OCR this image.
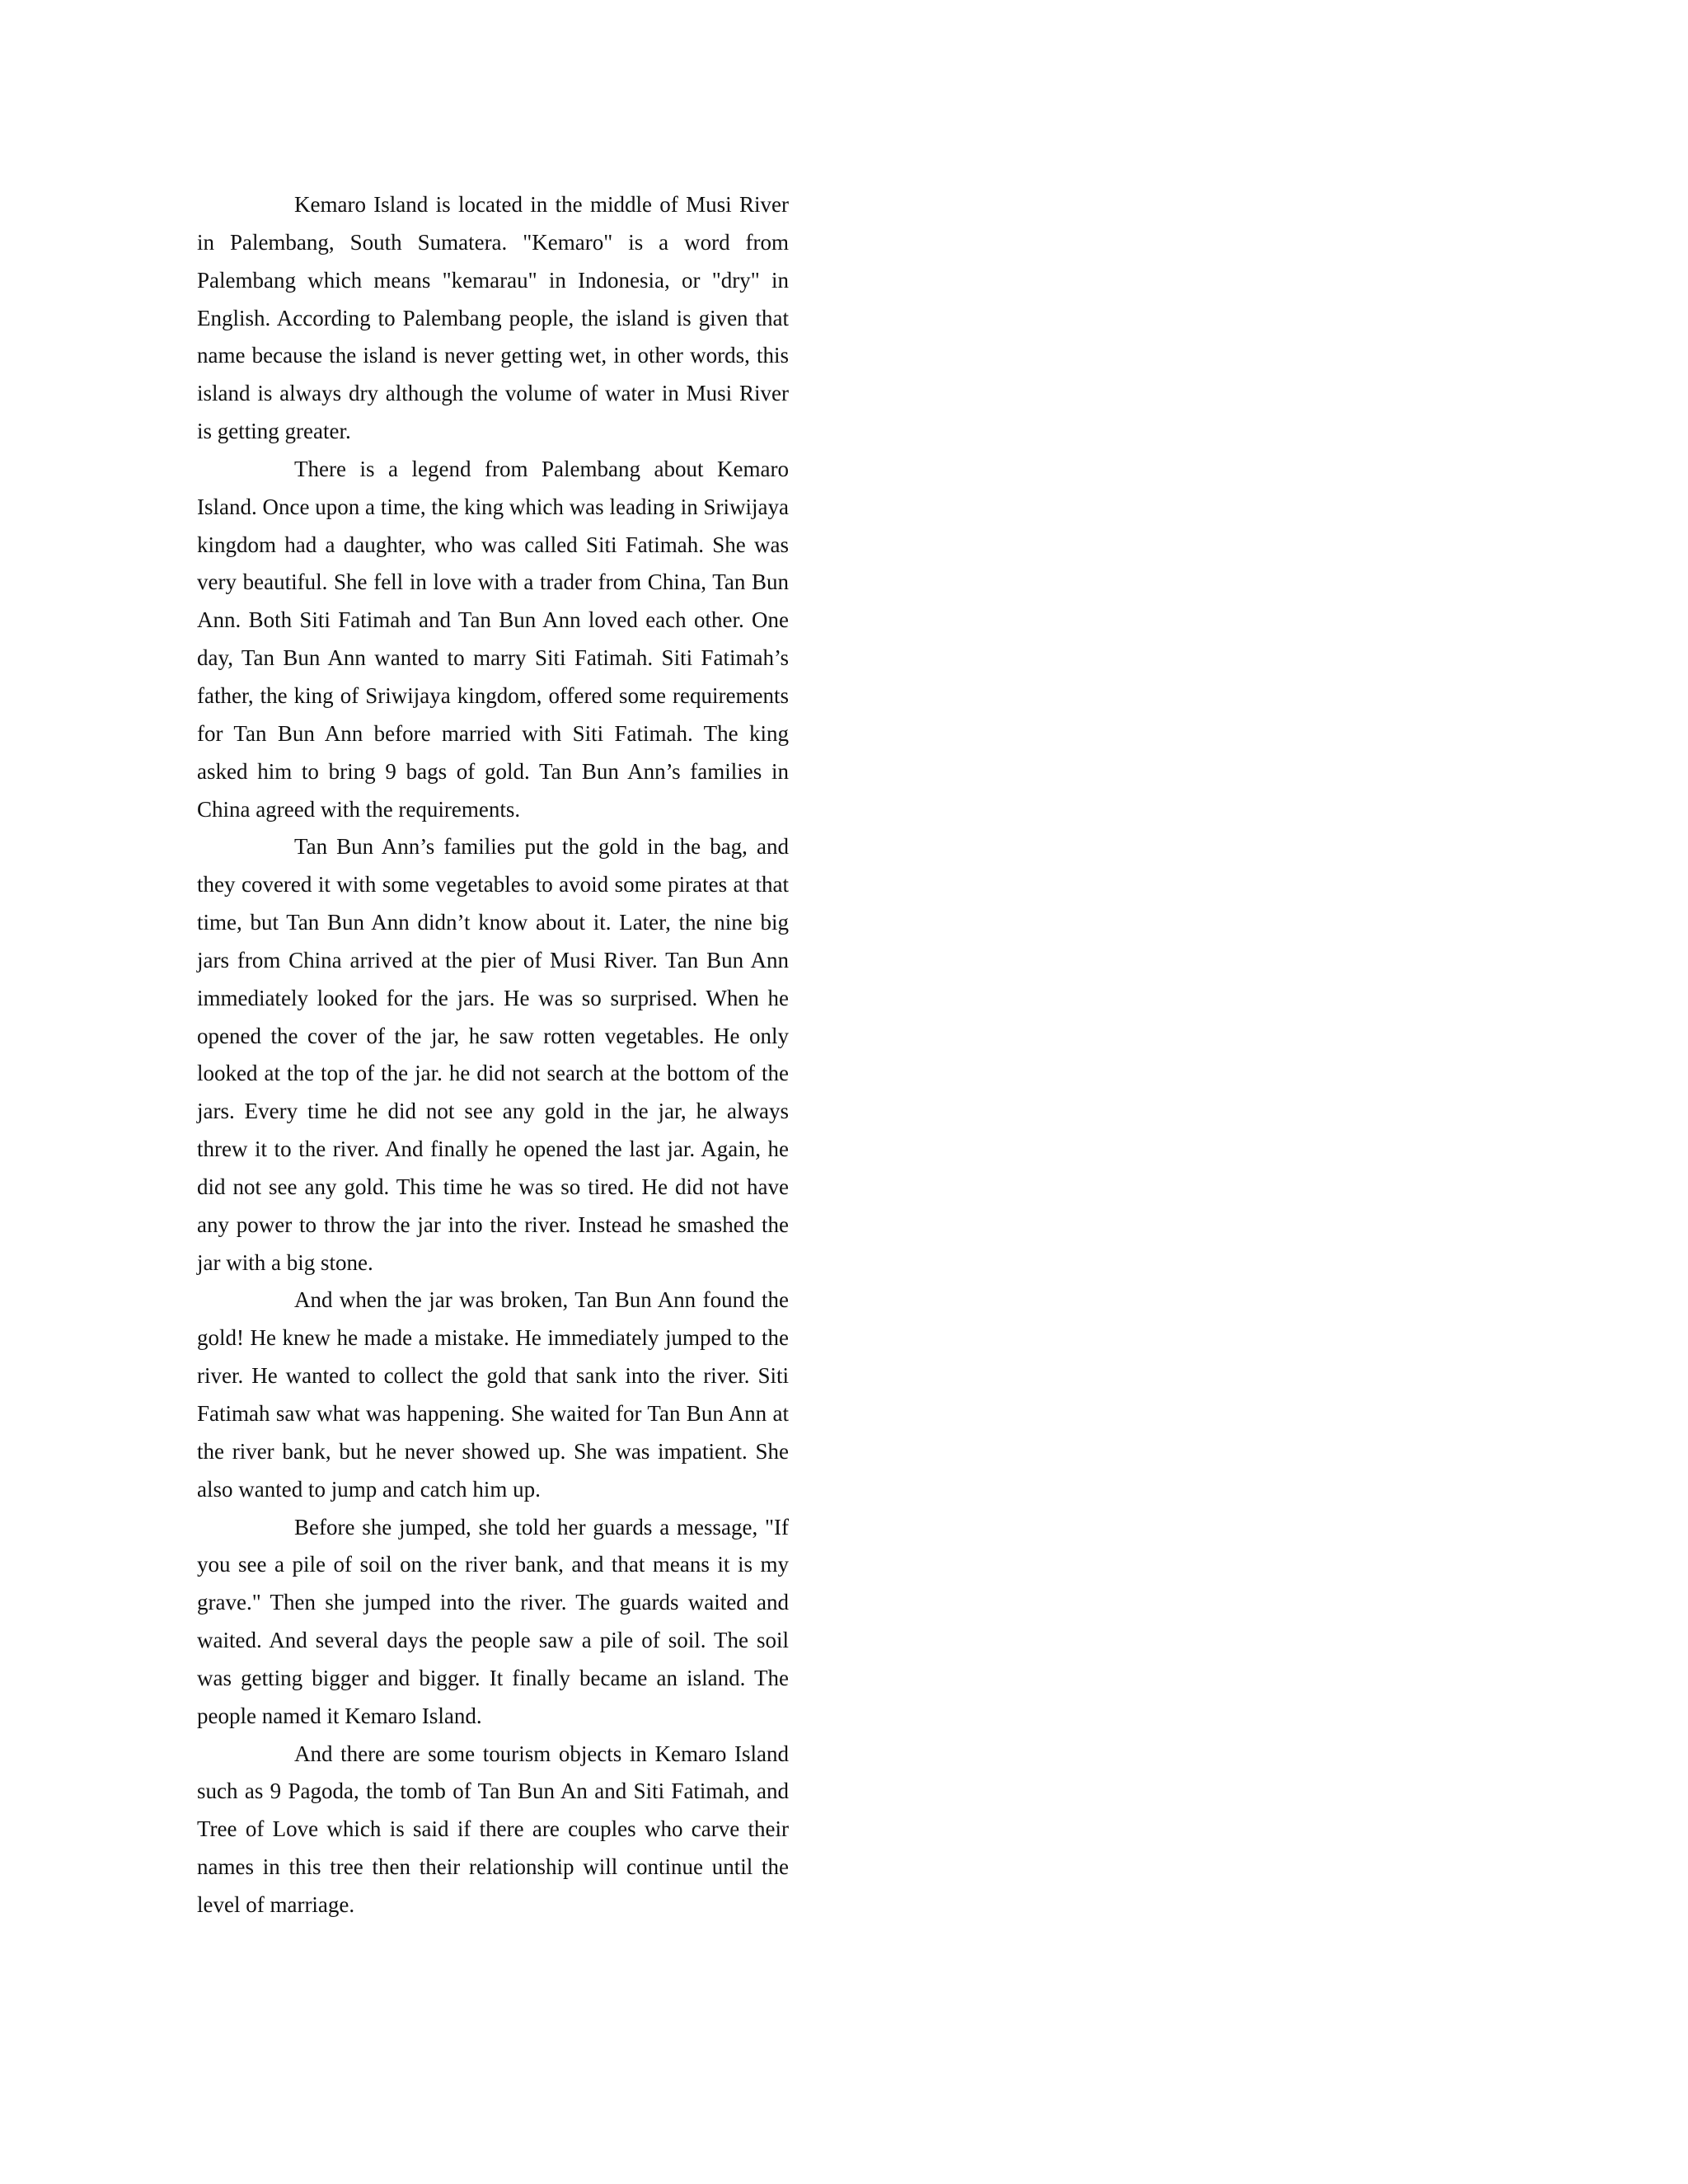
Kemaro Island is located in the middle of Musi River in Palembang, South Sumatera. "Kemaro" is a word from Palembang which means "kemarau" in Indonesia, or "dry" in English. According to Palembang people, the island is given that name because the island is never getting wet, in other words, this island is always dry although the volume of water in Musi River is getting greater.

There is a legend from Palembang about Kemaro Island. Once upon a time, the king which was leading in Sriwijaya kingdom had a daughter, who was called Siti Fatimah. She was very beautiful. She fell in love with a trader from China, Tan Bun Ann. Both Siti Fatimah and Tan Bun Ann loved each other. One day, Tan Bun Ann wanted to marry Siti Fatimah. Siti Fatimah’s father, the king of Sriwijaya kingdom, offered some requirements for Tan Bun Ann before married with Siti Fatimah. The king asked him to bring 9 bags of gold. Tan Bun Ann’s families in China agreed with the requirements.

Tan Bun Ann’s families put the gold in the bag, and they covered it with some vegetables to avoid some pirates at that time, but Tan Bun Ann didn’t know about it. Later, the nine big jars from China arrived at the pier of Musi River. Tan Bun Ann immediately looked for the jars. He was so surprised. When he opened the cover of the jar, he saw rotten vegetables. He only looked at the top of the jar. he did not search at the bottom of the jars. Every time he did not see any gold in the jar, he always threw it to the river. And finally he opened the last jar. Again, he did not see any gold. This time he was so tired. He did not have any power to throw the jar into the river. Instead he smashed the jar with a big stone.

And when the jar was broken, Tan Bun Ann found the gold! He knew he made a mistake. He immediately jumped to the river. He wanted to collect the gold that sank into the river. Siti Fatimah saw what was happening. She waited for Tan Bun Ann at the river bank, but he never showed up. She was impatient. She also wanted to jump and catch him up.

Before she jumped, she told her guards a message, "If you see a pile of soil on the river bank, and that means it is my grave." Then she jumped into the river. The guards waited and waited. And several days the people saw a pile of soil. The soil was getting bigger and bigger. It finally became an island. The people named it Kemaro Island.

And there are some tourism objects in Kemaro Island such as 9 Pagoda, the tomb of Tan Bun An and Siti Fatimah, and Tree of Love which is said if there are couples who carve their names in this tree then their relationship will continue until the level of marriage.
